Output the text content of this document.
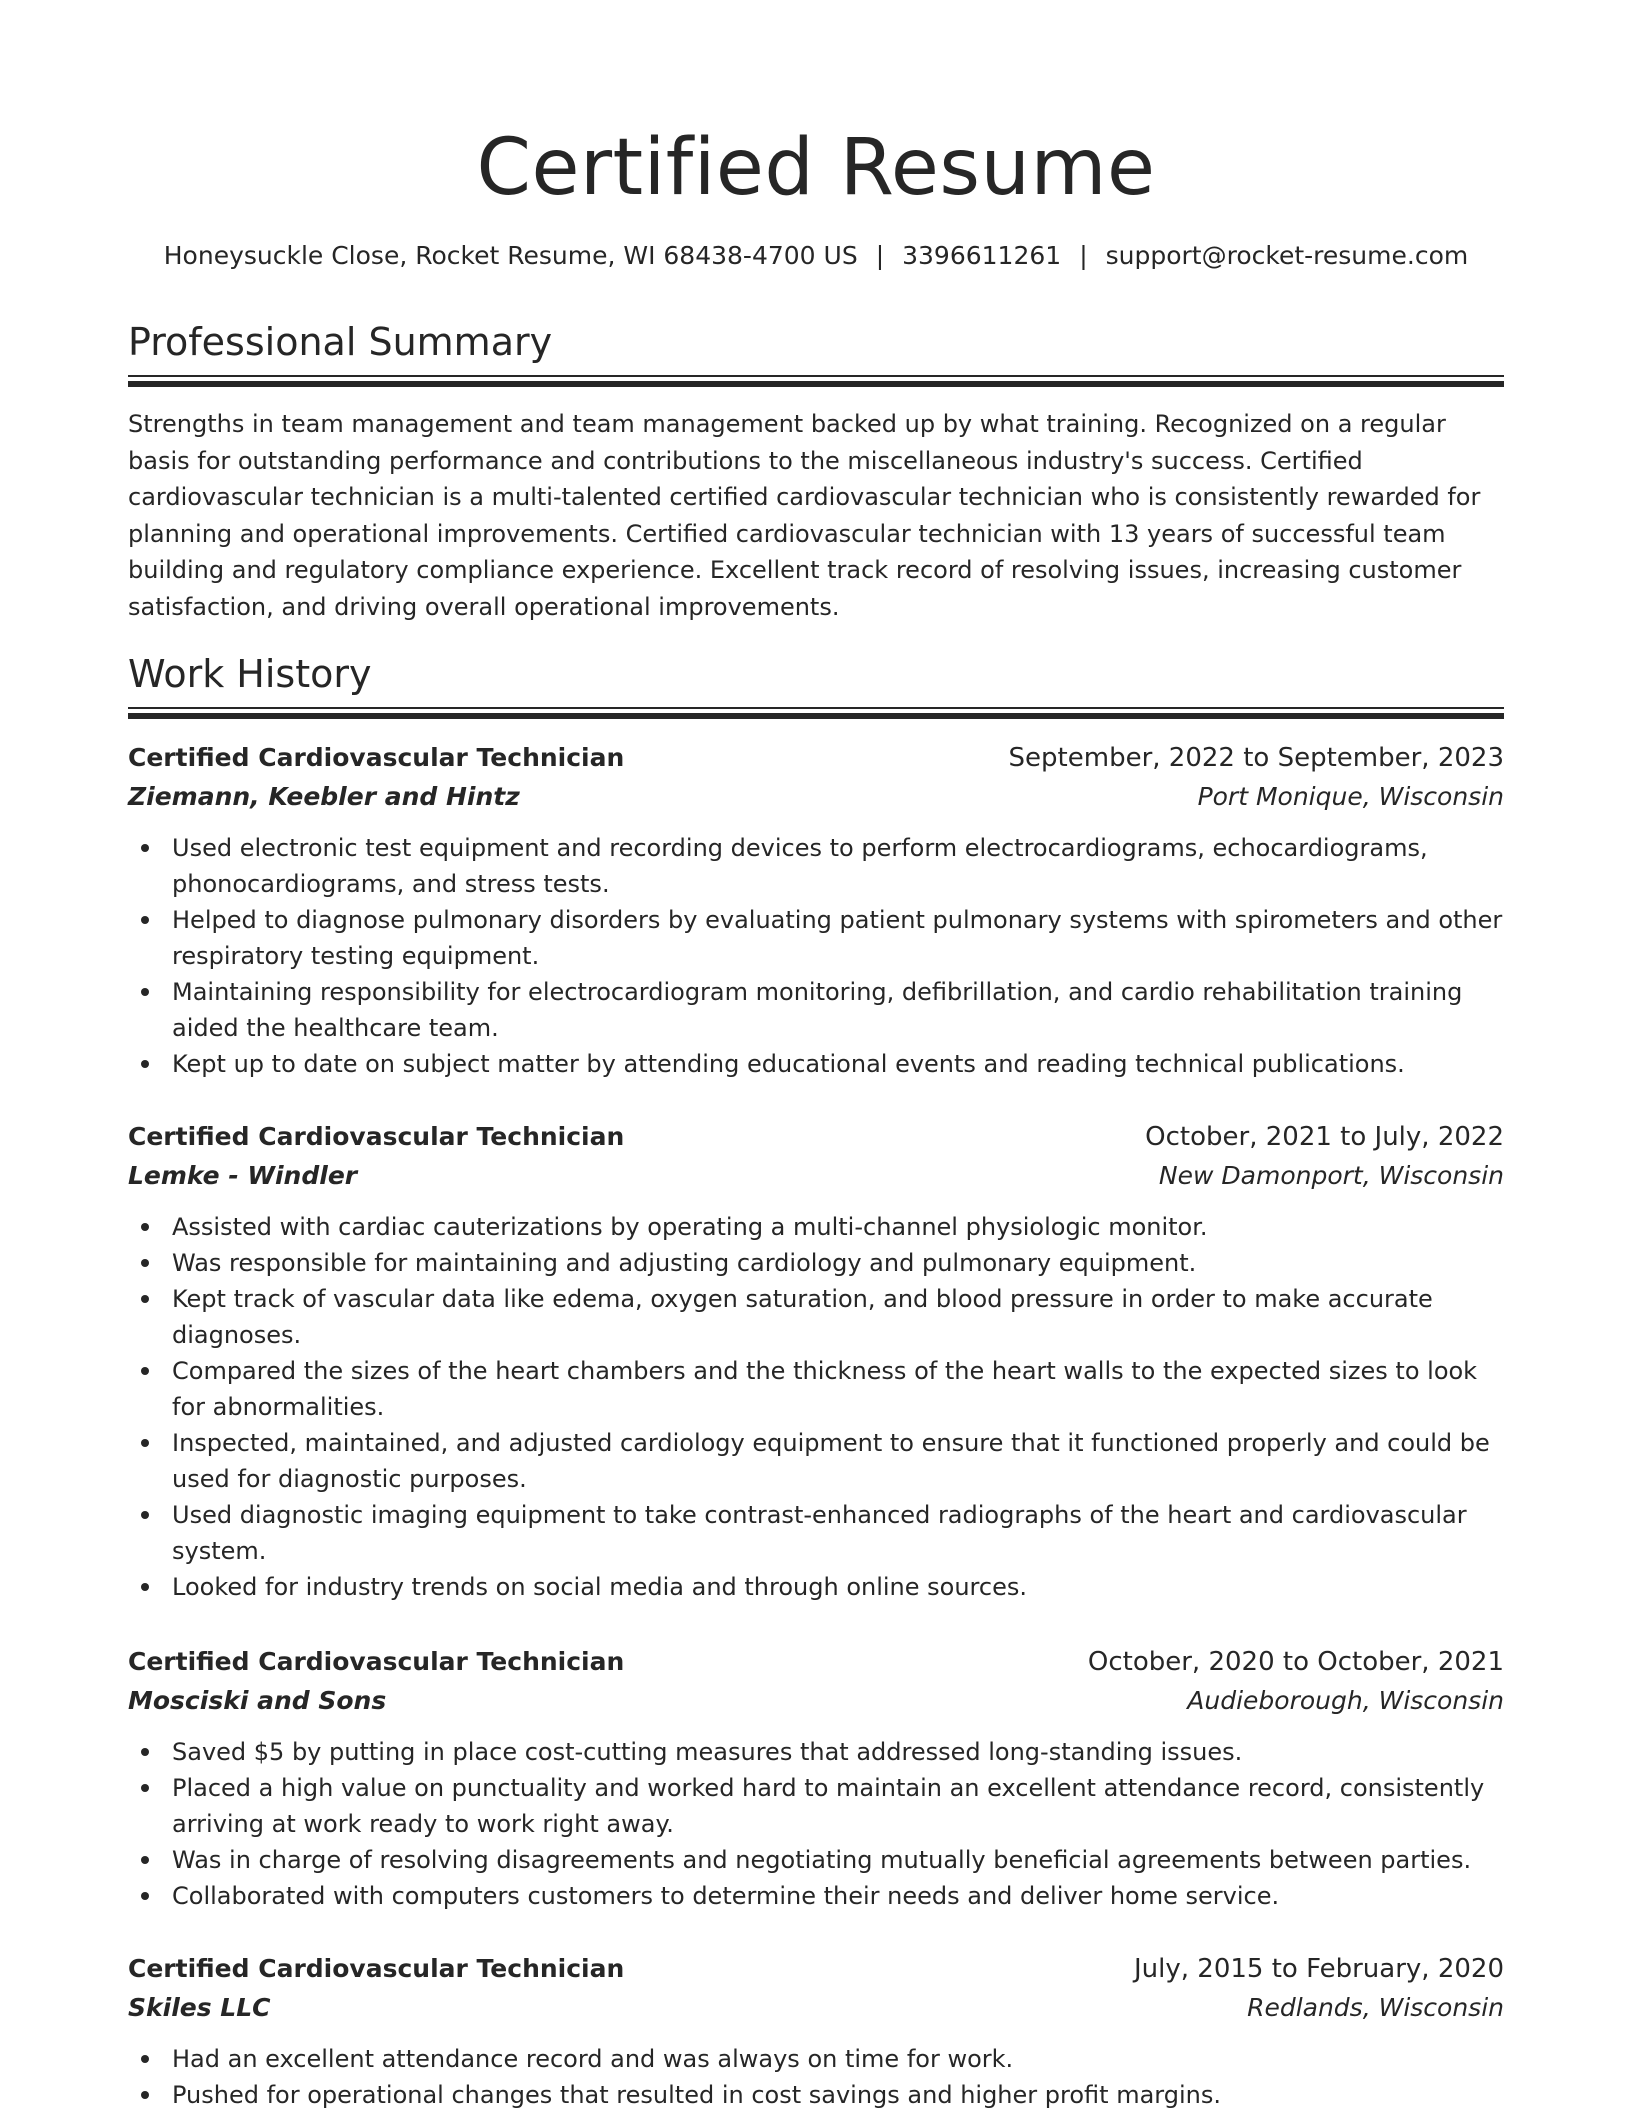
Certified Resume
Honeysuckle Close, Rocket Resume, WI 68438-4700 US | 3396611261 | support@rocket-resume.com
Professional Summary

Strengths in team management and team management backed up by what training. Recognized on a regular basis for outstanding performance and contributions to the miscellaneous industry's success. Certified cardiovascular technician is a multi-talented certified cardiovascular technician who is consistently rewarded for planning and operational improvements. Certified cardiovascular technician with 13 years of successful team building and regulatory compliance experience. Excellent track record of resolving issues, increasing customer satisfaction, and driving overall operational improvements.

Work History
Certified Cardiovascular Technician	September, 2022 to September, 2023
Ziemann, Keebler and Hintz	Port Monique, Wisconsin
Used electronic test equipment and recording devices to perform electrocardiograms, echocardiograms, phonocardiograms, and stress tests.
Helped to diagnose pulmonary disorders by evaluating patient pulmonary systems with spirometers and other respiratory testing equipment.
Maintaining responsibility for electrocardiogram monitoring, defibrillation, and cardio rehabilitation training aided the healthcare team.
Kept up to date on subject matter by attending educational events and reading technical publications.
Certified Cardiovascular Technician	October, 2021 to July, 2022
Lemke - Windler	New Damonport, Wisconsin
Assisted with cardiac cauterizations by operating a multi-channel physiologic monitor.
Was responsible for maintaining and adjusting cardiology and pulmonary equipment.
Kept track of vascular data like edema, oxygen saturation, and blood pressure in order to make accurate diagnoses.
Compared the sizes of the heart chambers and the thickness of the heart walls to the expected sizes to look for abnormalities.
Inspected, maintained, and adjusted cardiology equipment to ensure that it functioned properly and could be used for diagnostic purposes.
Used diagnostic imaging equipment to take contrast-enhanced radiographs of the heart and cardiovascular system.
Looked for industry trends on social media and through online sources.
Certified Cardiovascular Technician	October, 2020 to October, 2021
Mosciski and Sons	Audieborough, Wisconsin
Saved $5 by putting in place cost-cutting measures that addressed long-standing issues.
Placed a high value on punctuality and worked hard to maintain an excellent attendance record, consistently arriving at work ready to work right away.
Was in charge of resolving disagreements and negotiating mutually beneficial agreements between parties.
Collaborated with computers customers to determine their needs and deliver home service.
Certified Cardiovascular Technician	July, 2015 to February, 2020
Skiles LLC	Redlands, Wisconsin
Had an excellent attendance record and was always on time for work.
Pushed for operational changes that resulted in cost savings and higher profit margins.
